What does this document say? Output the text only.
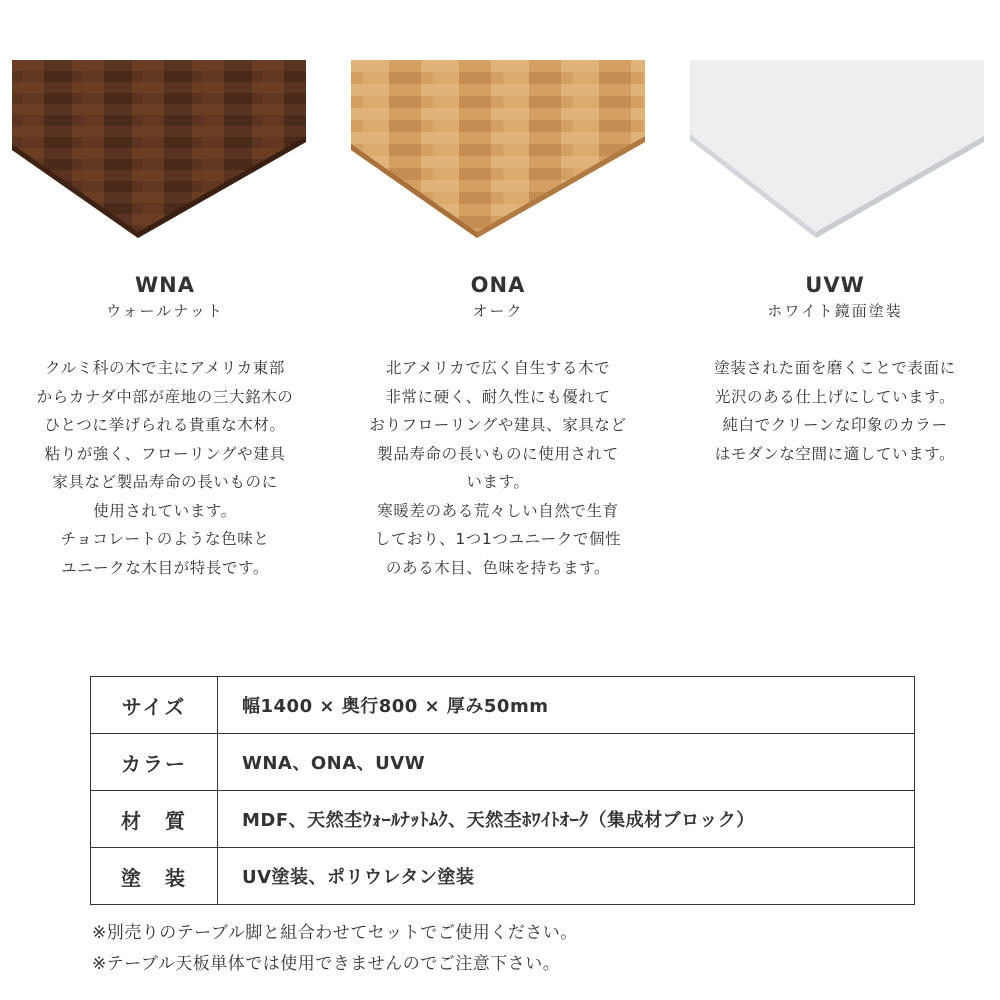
WNA
ウォールナット
クルミ科の木で主にアメリカ東部
からカナダ中部が産地の三大銘木の
ひとつに挙げられる貴重な木材。
粘りが強く、フローリングや建具
家具など製品寿命の長いものに
使用されています。
チョコレートのような色味と
ユニークな木目が特長です。
ONA
オーク
北アメリカで広く自生する木で
非常に硬く、耐久性にも優れて
おりフローリングや建具、家具など
製品寿命の長いものに使用されて
います。
寒暖差のある荒々しい自然で生育
しており、1つ1つユニークで個性
のある木目、色味を持ちます。
UVW
ホワイト鏡面塗装
塗装された面を磨くことで表面に
光沢のある仕上げにしています。
純白でクリーンな印象のカラー
はモダンな空間に適しています。
サイズ	幅1400 × 奥行800 × 厚み50mm
カラー	WNA、ONA、UVW
材　質	MDF、天然杢ｳｫｰﾙﾅｯﾄﾑｸ、天然杢ﾎﾜｲﾄｵｰｸ（集成材ブロック）
塗　装	UV塗装、ポリウレタン塗装
※別売りのテーブル脚と組合わせてセットでご使用ください。
※テーブル天板単体では使用できませんのでご注意下さい。
